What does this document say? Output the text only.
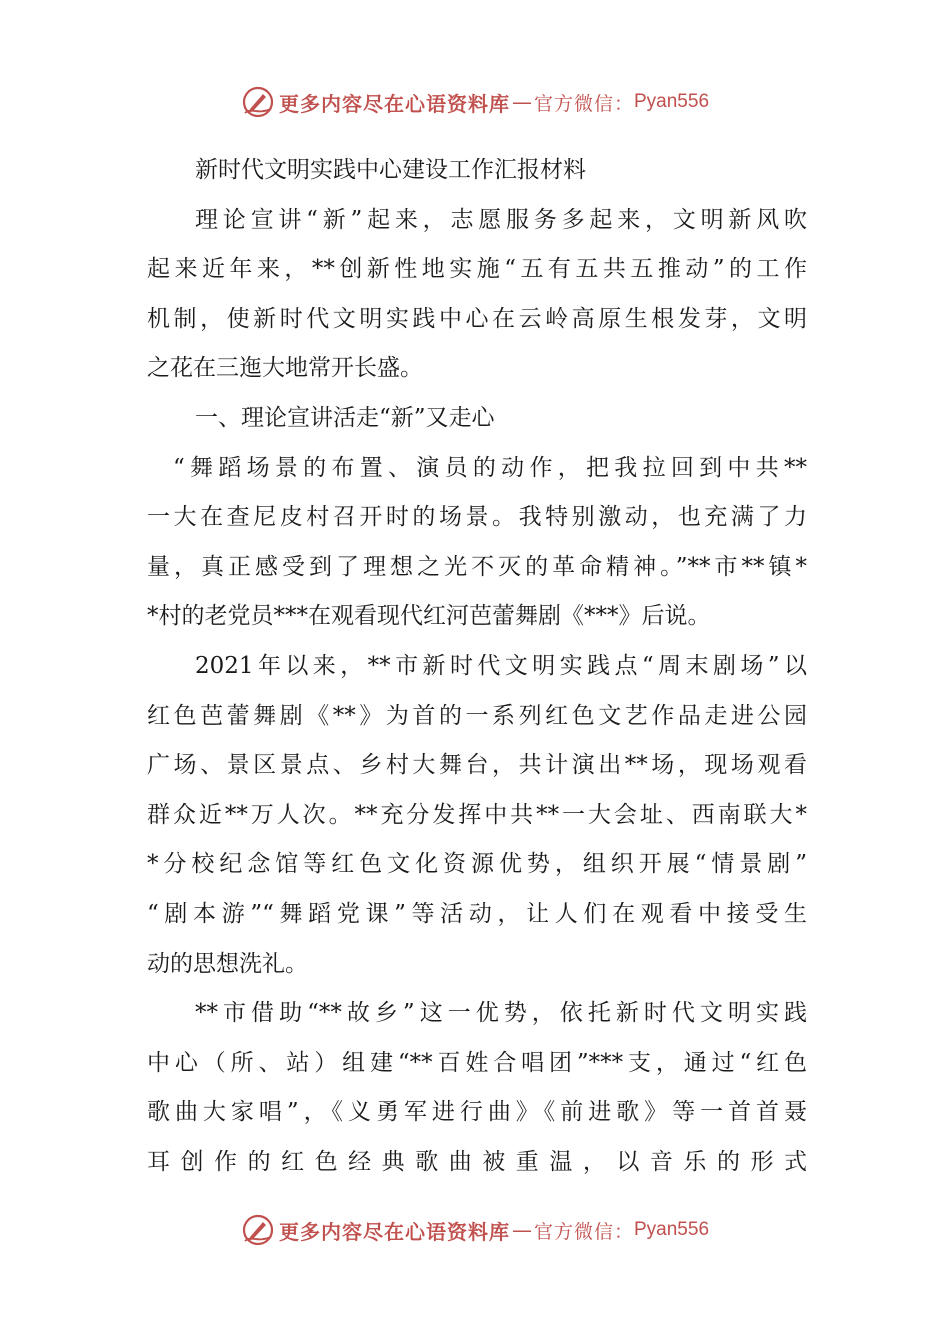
更多内容尽在心语资料库 — 官方微信： Pyan556
新时代文明实践中心建设工作汇报材料
理论宣讲“新”起来，志愿服务多起来，文明新风吹
起来近年来，**创新性地实施“五有五共五推动”的工作
机制，使新时代文明实践中心在云岭高原生根发芽，文明
之花在三迤大地常开长盛。
一、理论宣讲活走“新”又走心
“舞蹈场景的布置、演员的动作，把我拉回到中共**
一大在查尼皮村召开时的场景。我特别激动，也充满了力
量，真正感受到了理想之光不灭的革命精神。”**市**镇*
*村的老党员***在观看现代红河芭蕾舞剧《***》后说。
2021年以来，**市新时代文明实践点“周末剧场”以
红色芭蕾舞剧《**》为首的一系列红色文艺作品走进公园
广场、景区景点、乡村大舞台，共计演出**场，现场观看
群众近**万人次。**充分发挥中共**一大会址、西南联大*
*分校纪念馆等红色文化资源优势，组织开展“情景剧”
“剧本游”“舞蹈党课”等活动，让人们在观看中接受生
动的思想洗礼。
**市借助“**故乡”这一优势，依托新时代文明实践
中心（所、站）组建“**百姓合唱团”***支，通过“红色
歌曲大家唱”，《义勇军进行曲》《前进歌》等一首首聂
耳创作的红色经典歌曲被重温，以音乐的形式
更多内容尽在心语资料库 — 官方微信： Pyan556
